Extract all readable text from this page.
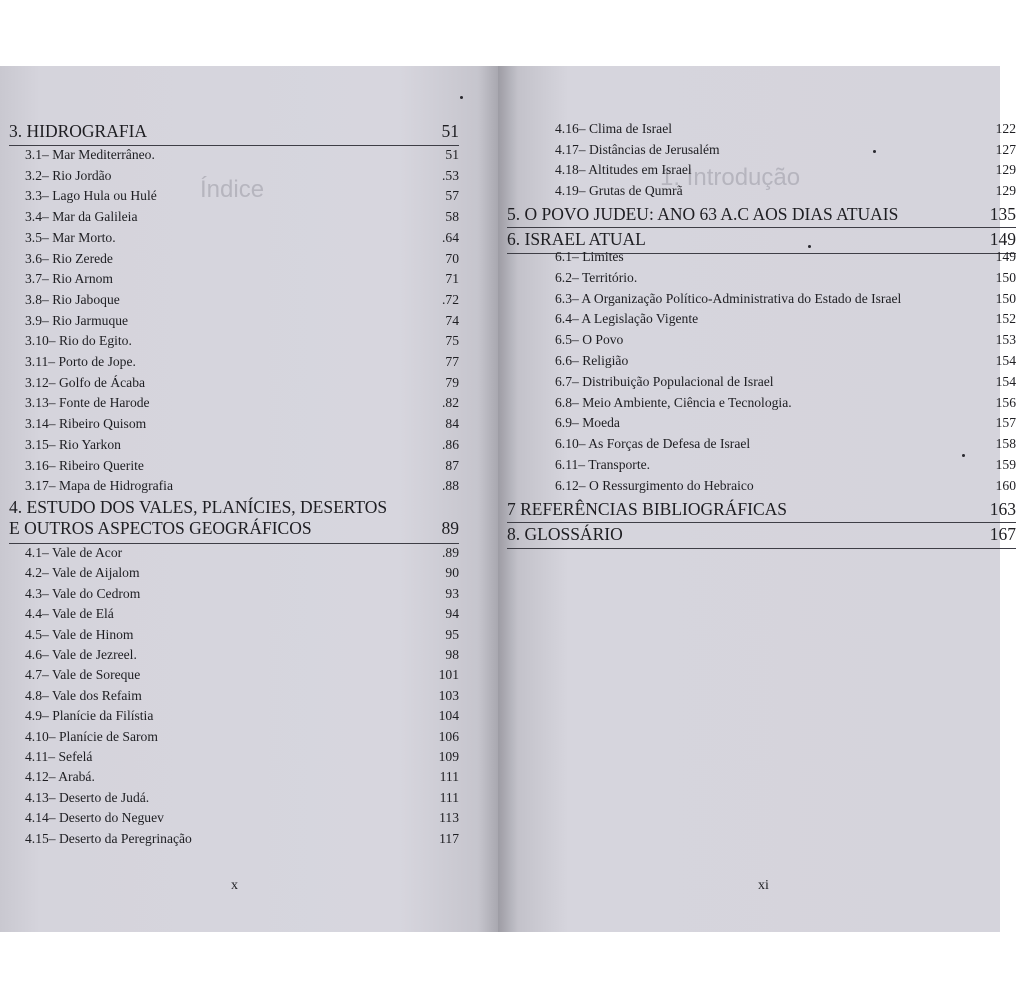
Índice
3. HIDROGRAFIA	51
3.1– Mar Mediterrâneo.	51
3.2– Rio Jordão	.53
3.3– Lago Hula ou Hulé	57
3.4– Mar da Galileia	58
3.5– Mar Morto.	.64
3.6– Rio Zerede	70
3.7– Rio Arnom	71
3.8– Rio Jaboque	.72
3.9– Rio Jarmuque	74
3.10– Rio do Egito.	75
3.11– Porto de Jope.	77
3.12– Golfo de Ácaba	79
3.13– Fonte de Harode	.82
3.14– Ribeiro Quisom	84
3.15– Rio Yarkon	.86
3.16– Ribeiro Querite	87
3.17– Mapa de Hidrografia	.88
4. ESTUDO DOS VALES, PLANÍCIES, DESERTOS
E OUTROS ASPECTOS GEOGRÁFICOS	89
4.1– Vale de Acor	.89
4.2– Vale de Aijalom	90
4.3– Vale do Cedrom	93
4.4– Vale de Elá	94
4.5– Vale de Hinom	95
4.6– Vale de Jezreel.	98
4.7– Vale de Soreque	101
4.8– Vale dos Refaim	103
4.9– Planície da Filístia	104
4.10– Planície de Sarom	106
4.11– Sefelá	109
4.12– Arabá.	111
4.13– Deserto de Judá.	111
4.14– Deserto do Neguev	113
4.15– Deserto da Peregrinação	117
x
1. Introdução
4.16– Clima de Israel	122
4.17– Distâncias de Jerusalém	127
4.18– Altitudes em Israel	129
4.19– Grutas de Qumrã	129
5. O POVO JUDEU: ANO 63 A.C AOS DIAS ATUAIS	135
6. ISRAEL ATUAL	149
6.1– Limites	149
6.2– Território.	150
6.3– A Organização Político-Administrativa do Estado de Israel	150
6.4– A Legislação Vigente	152
6.5– O Povo	153
6.6– Religião	154
6.7– Distribuição Populacional de Israel	154
6.8– Meio Ambiente, Ciência e Tecnologia.	156
6.9– Moeda	157
6.10– As Forças de Defesa de Israel	158
6.11– Transporte.	159
6.12– O Ressurgimento do Hebraico	160
7 REFERÊNCIAS BIBLIOGRÁFICAS	163
8. GLOSSÁRIO	167
xi
